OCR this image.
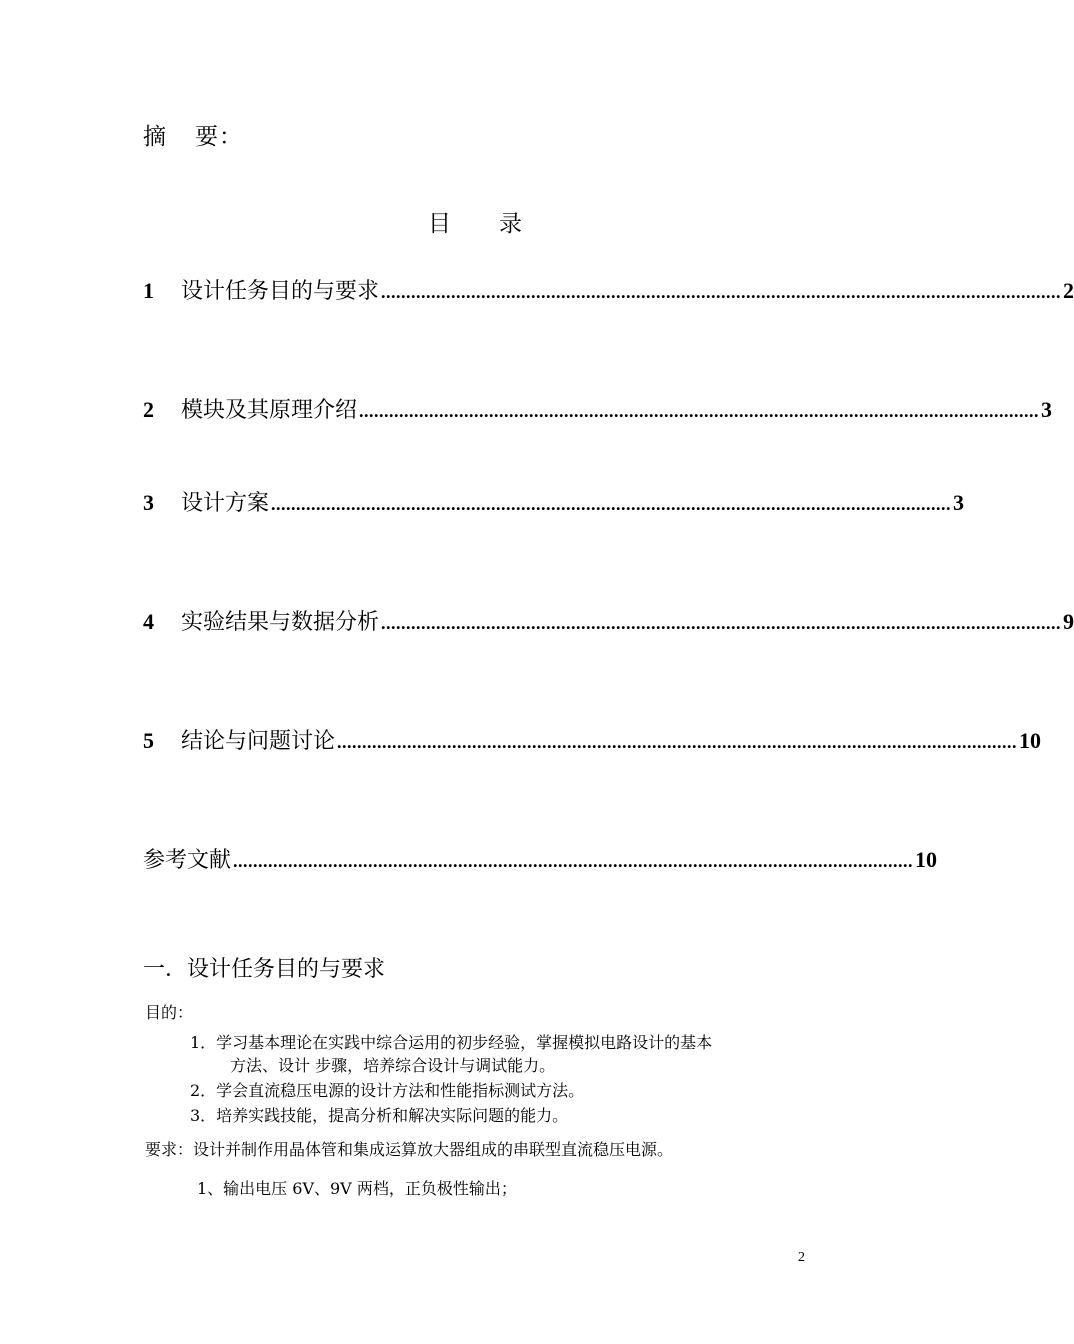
摘 要：
目 录
1	设计任务目的与要求 ........................................................................................................................................ 2
2	模块及其原理介绍 ........................................................................................................................................ 3
3	设计方案 ........................................................................................................................................ 3
4	实验结果与数据分析 ........................................................................................................................................ 9
5	结论与问题讨论 ........................................................................................................................................ 10
参考文献 ........................................................................................................................................ 10
一．设计任务目的与要求
目的：
1．学习基本理论在实践中综合运用的初步经验，掌握模拟电路设计的基本
方法、设计 步骤，培养综合设计与调试能力。
2．学会直流稳压电源的设计方法和性能指标测试方法。
3．培养实践技能，提高分析和解决实际问题的能力。
要求：设计并制作用晶体管和集成运算放大器组成的串联型直流稳压电源。
1、输出电压 6V、9V 两档，正负极性输出；
2
